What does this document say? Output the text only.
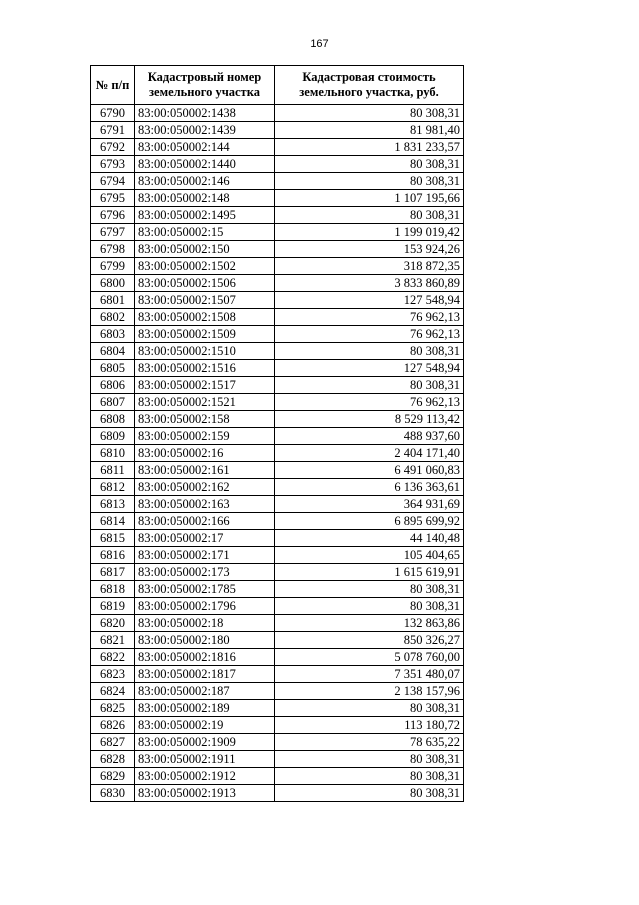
167
№ п/п	Кадастровый номер земельного участка	Кадастровая стоимость земельного участка, руб.
6790	83:00:050002:1438	80 308,31
6791	83:00:050002:1439	81 981,40
6792	83:00:050002:144	1 831 233,57
6793	83:00:050002:1440	80 308,31
6794	83:00:050002:146	80 308,31
6795	83:00:050002:148	1 107 195,66
6796	83:00:050002:1495	80 308,31
6797	83:00:050002:15	1 199 019,42
6798	83:00:050002:150	153 924,26
6799	83:00:050002:1502	318 872,35
6800	83:00:050002:1506	3 833 860,89
6801	83:00:050002:1507	127 548,94
6802	83:00:050002:1508	76 962,13
6803	83:00:050002:1509	76 962,13
6804	83:00:050002:1510	80 308,31
6805	83:00:050002:1516	127 548,94
6806	83:00:050002:1517	80 308,31
6807	83:00:050002:1521	76 962,13
6808	83:00:050002:158	8 529 113,42
6809	83:00:050002:159	488 937,60
6810	83:00:050002:16	2 404 171,40
6811	83:00:050002:161	6 491 060,83
6812	83:00:050002:162	6 136 363,61
6813	83:00:050002:163	364 931,69
6814	83:00:050002:166	6 895 699,92
6815	83:00:050002:17	44 140,48
6816	83:00:050002:171	105 404,65
6817	83:00:050002:173	1 615 619,91
6818	83:00:050002:1785	80 308,31
6819	83:00:050002:1796	80 308,31
6820	83:00:050002:18	132 863,86
6821	83:00:050002:180	850 326,27
6822	83:00:050002:1816	5 078 760,00
6823	83:00:050002:1817	7 351 480,07
6824	83:00:050002:187	2 138 157,96
6825	83:00:050002:189	80 308,31
6826	83:00:050002:19	113 180,72
6827	83:00:050002:1909	78 635,22
6828	83:00:050002:1911	80 308,31
6829	83:00:050002:1912	80 308,31
6830	83:00:050002:1913	80 308,31
